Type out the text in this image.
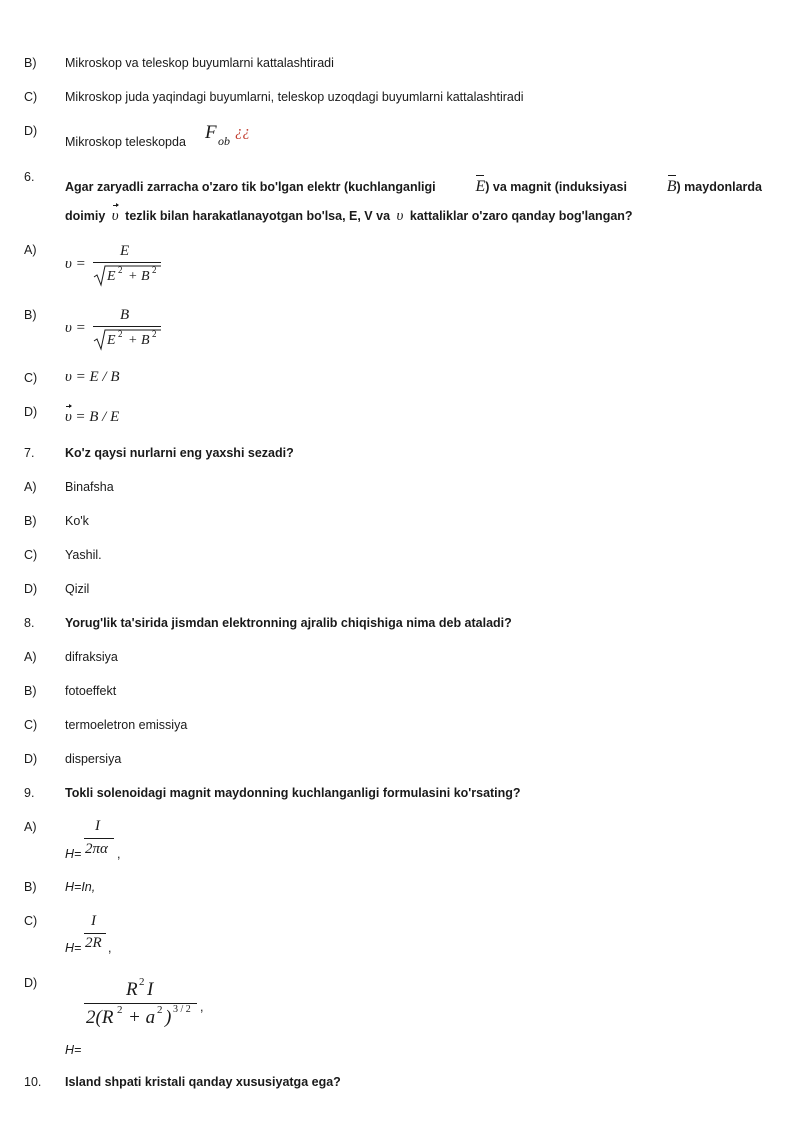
B) Mikroskop va teleskop buyumlarni kattalashtiradi
C) Mikroskop juda yaqindagi buyumlarni, teleskop uzoqdagi buyumlarni kattalashtiradi
D)
Mikroskop teleskopda F ob
¿¿
6.
Agar zaryadli zarracha o'zaro tik bo'lgan elektr (kuchlanganligi E) va magnit (induksiyasi B) maydonlarda
doimiy υ tezlik bilan harakatlanayotgan bo'lsa, E, V va υ kattaliklar o'zaro qanday bog'langan?
A)
υ =
E
E 2 + B 2
B)
υ =
B
E 2 + B 2
C) υ = E / B
D) υ = B / E
7. Ko'z qaysi nurlarni eng yaxshi sezadi?
A) Binafsha
B) Ko'k
C) Yashil.
D) Qizil
8. Yorug'lik ta'sirida jismdan elektronning ajralib chiqishiga nima deb ataladi?
A) difraksiya
B) fotoeffekt
C) termoeletron emissiya
D) dispersiya
9. Tokli solenoidagi magnit maydonning kuchlanganligi formulasini ko'rsating?
A)
H=
I
2πα ,
B) H=In,
C)
H=
I
2R ,
D)	R 2 I
2(R 2 + a 2 ) 3 / 2 ,
H=
10. Island shpati kristali qanday xususiyatga ega?
